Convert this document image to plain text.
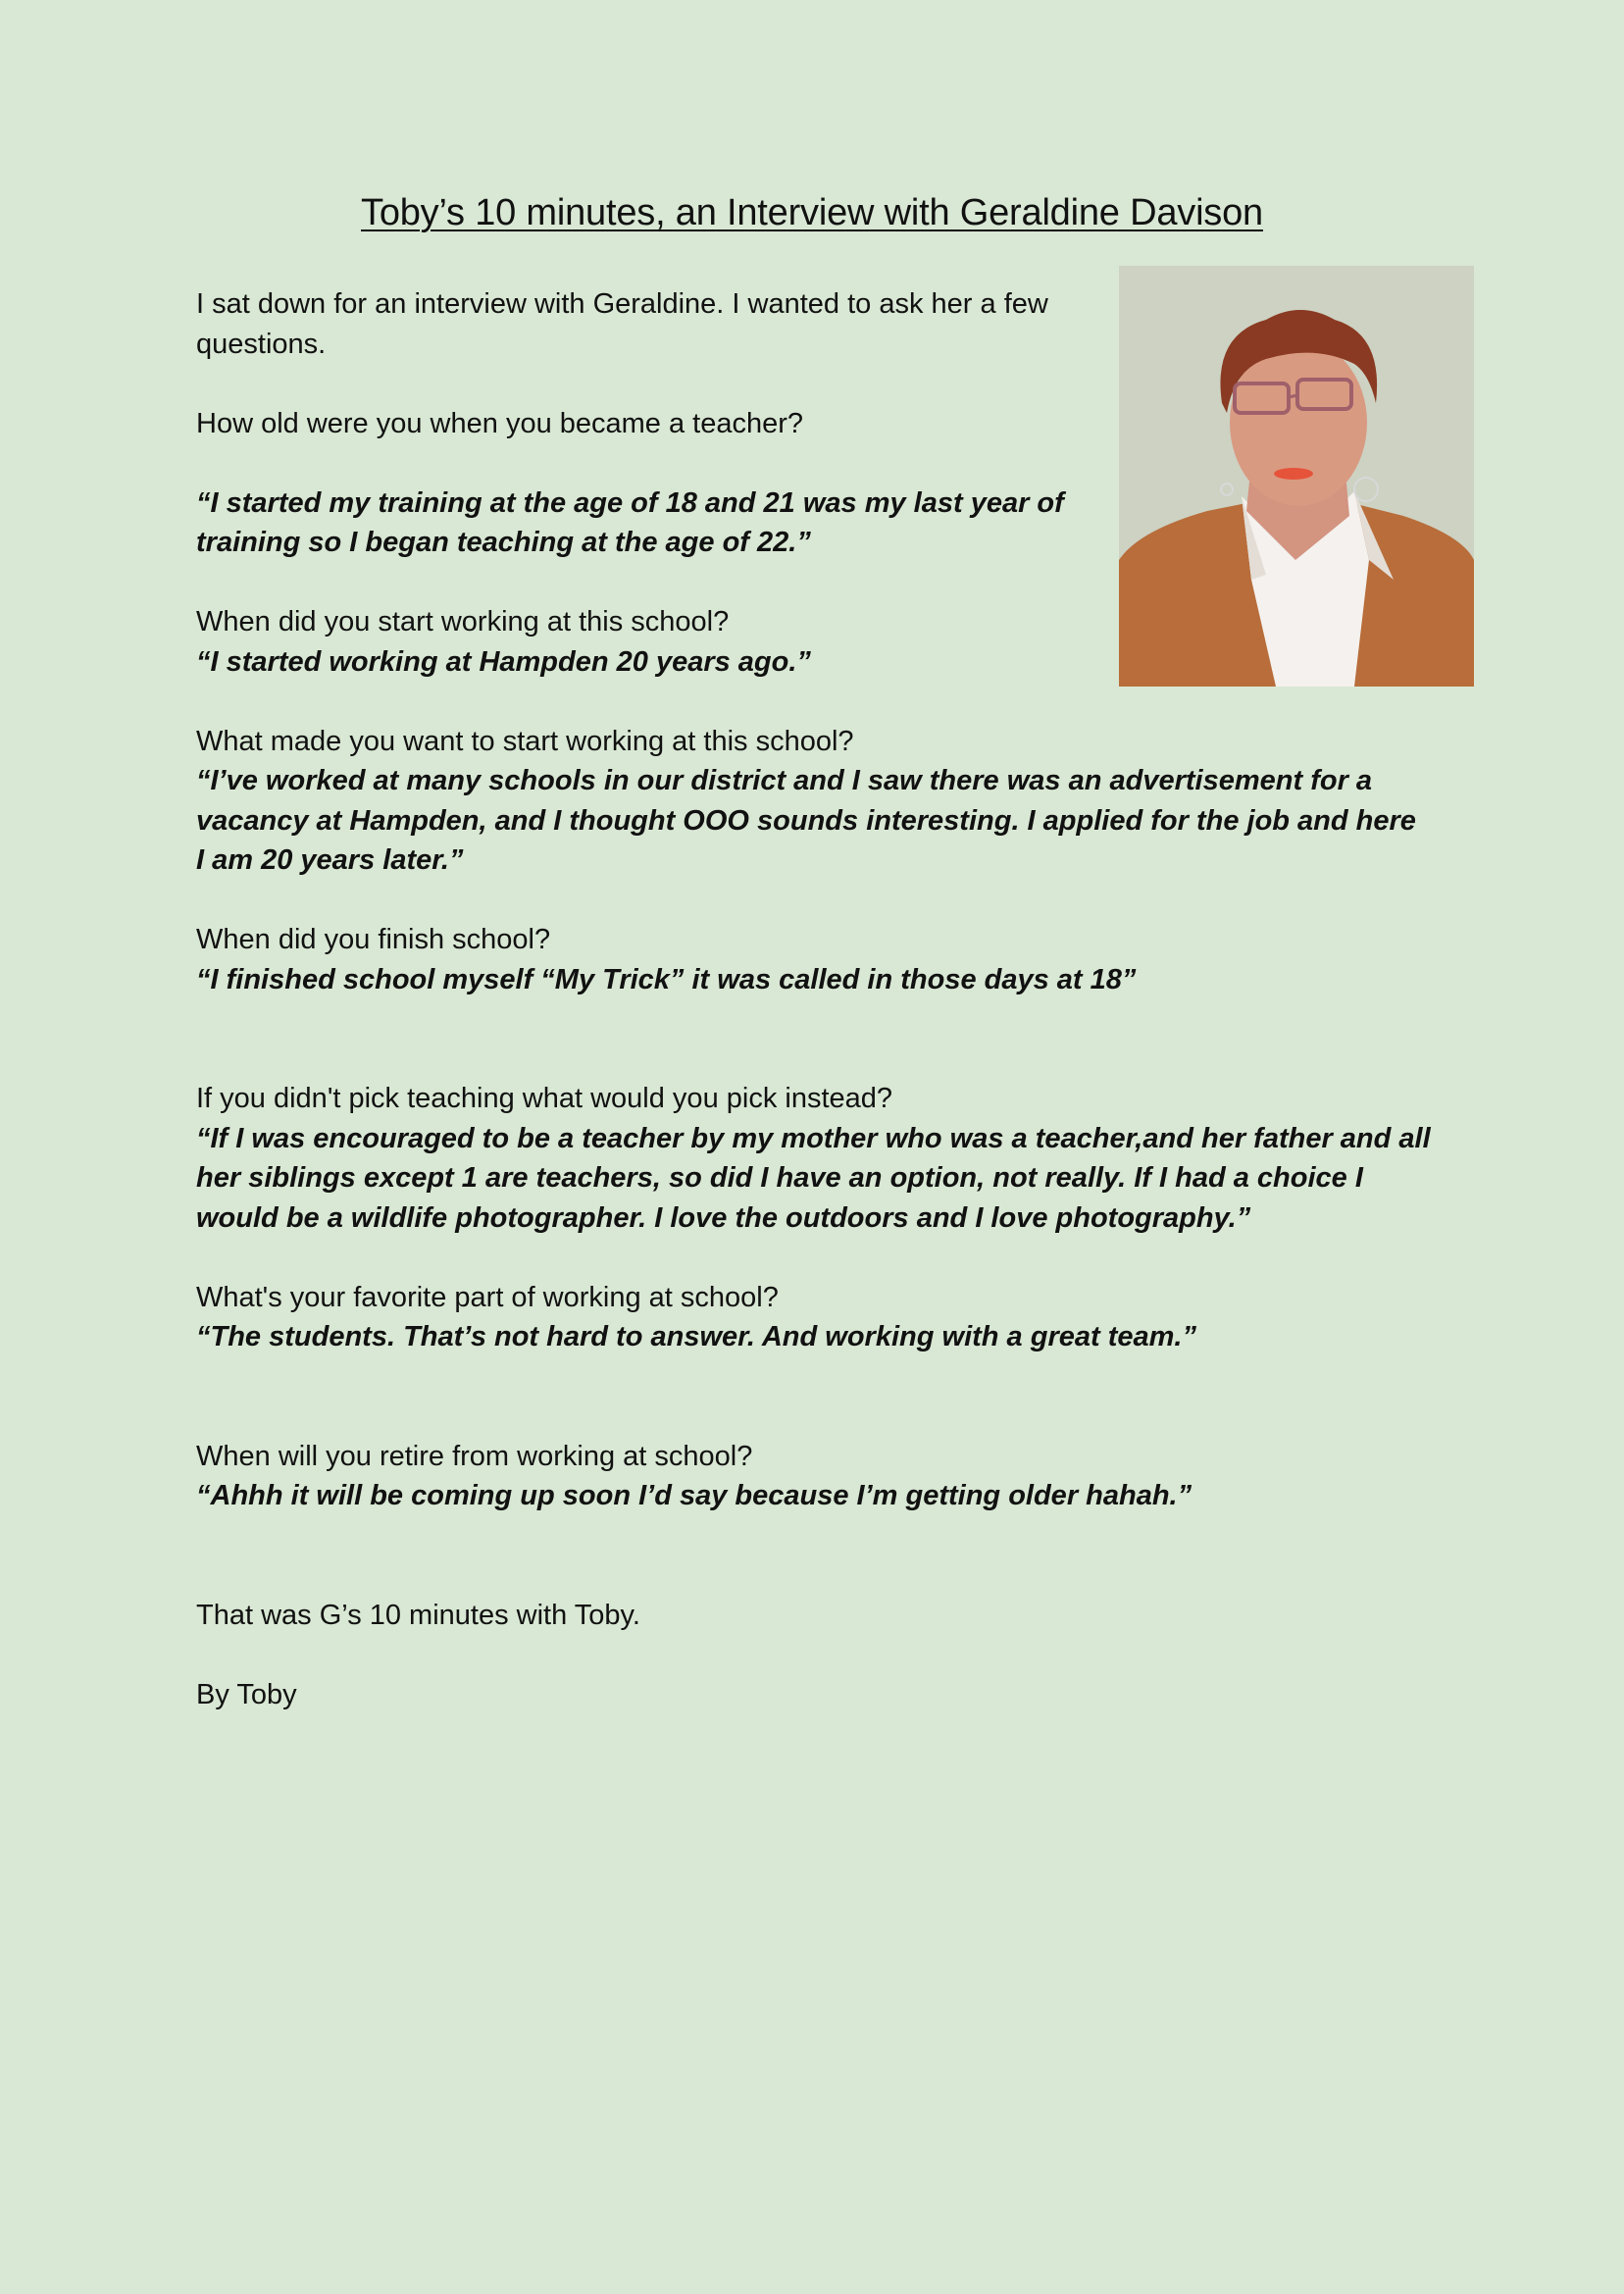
Toby’s 10 minutes, an Interview with Geraldine Davison

I sat down for an interview with Geraldine. I wanted to ask her a few questions.

How old were you when you became a teacher?

“I started my training at the age of 18 and 21 was my last year of training so I began teaching at the age of 22.”

When did you start working at this school?

“I started working at Hampden 20 years ago.”

What made you want to start working at this school?

“I’ve worked at many schools in our district and I saw there was an advertisement for a vacancy at Hampden, and I thought OOO sounds interesting. I applied for the job and here I am 20 years later.”

When did you finish school?

“I finished school myself “My Trick” it was called in those days at 18”

If you didn't pick teaching what would you pick instead?

“If I was encouraged to be a teacher by my mother who was a teacher,and her father and all her siblings except 1 are teachers, so did I have an option, not really. If I had a choice I would be a wildlife photographer. I love the outdoors and I love photography.”

What's your favorite part of working at school?

“The students. That’s not hard to answer. And working with a great team.”

When will you retire from working at school?

“Ahhh it will be coming up soon I’d say because I’m getting older hahah.”

That was G’s 10 minutes with Toby.

By Toby
